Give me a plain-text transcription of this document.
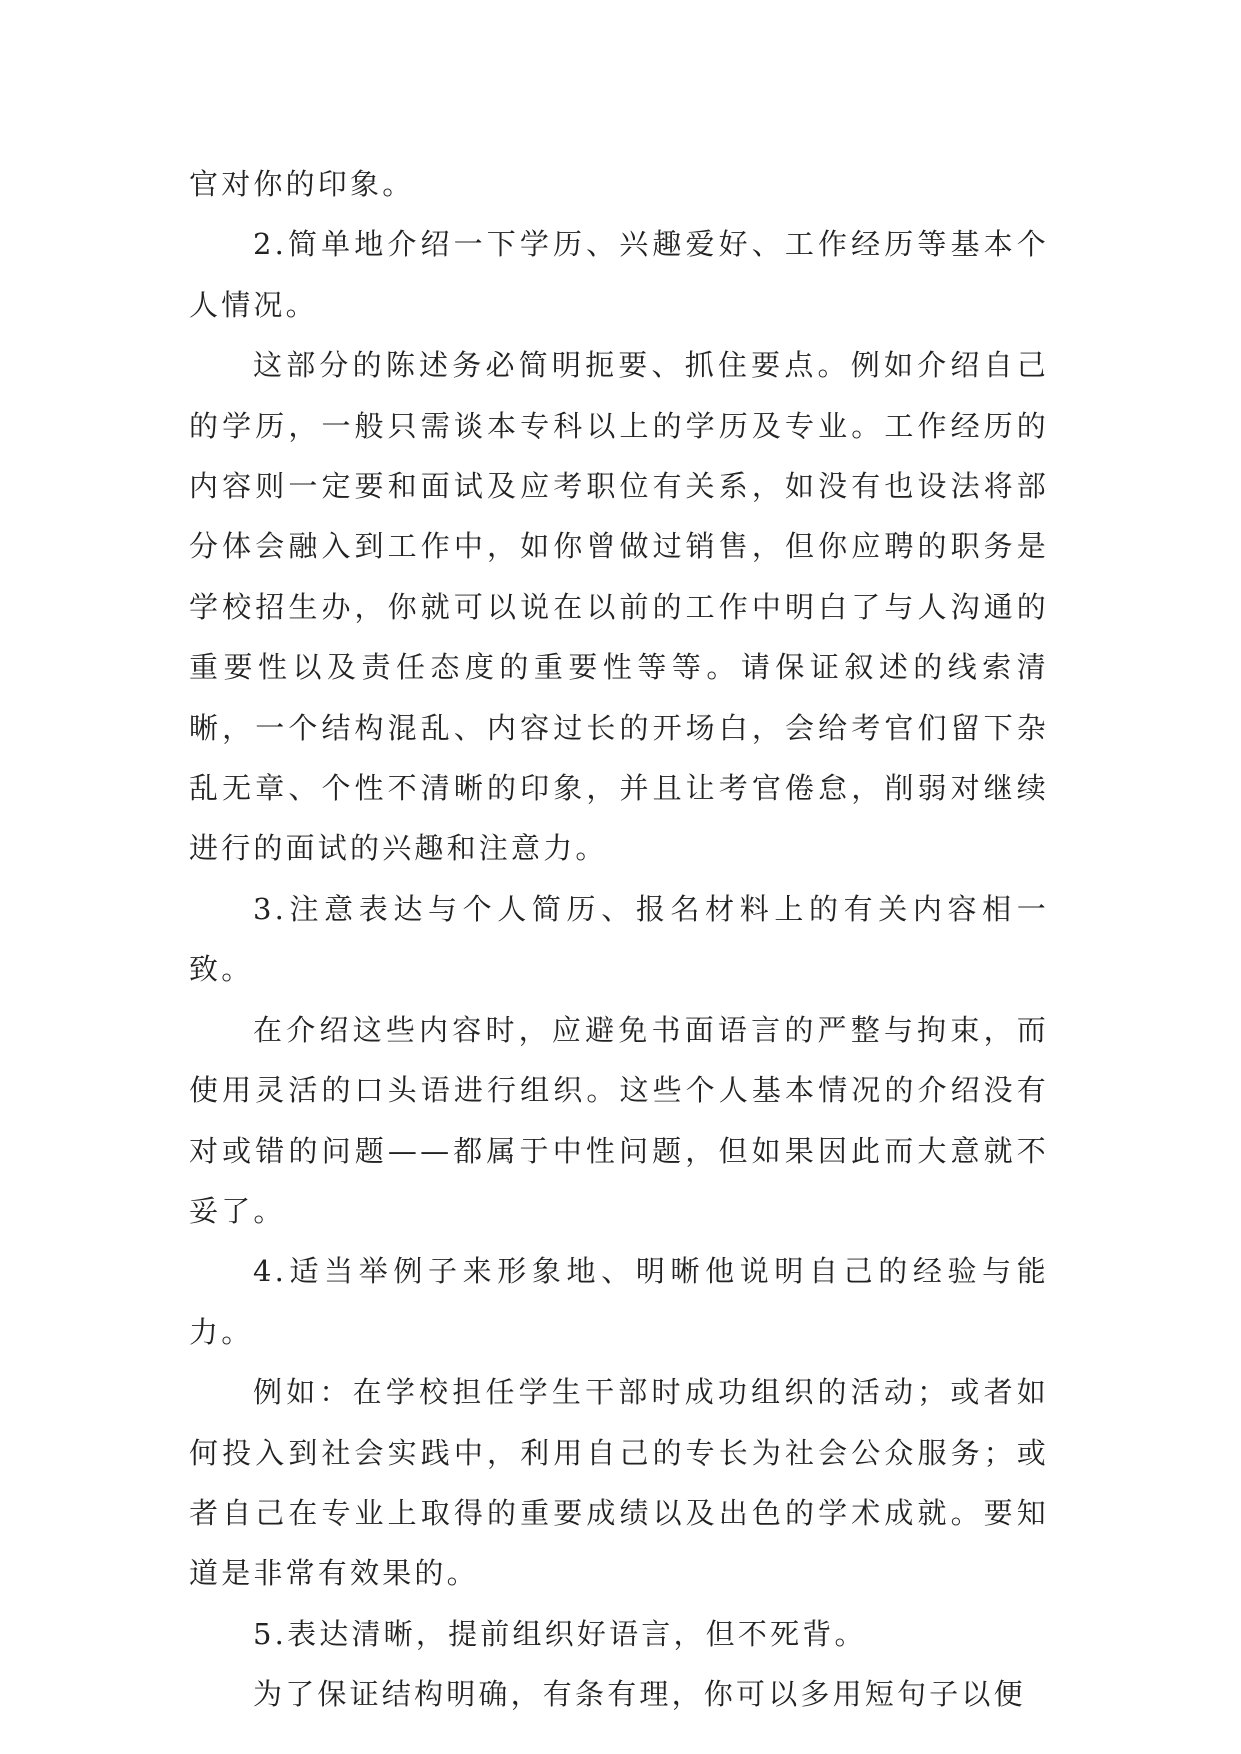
官对你的印象。

2.简单地介绍一下学历、兴趣爱好、工作经历等基本个人情况。

这部分的陈述务必简明扼要、抓住要点。例如介绍自己的学历，一般只需谈本专科以上的学历及专业。工作经历的内容则一定要和面试及应考职位有关系，如没有也设法将部分体会融入到工作中，如你曾做过销售，但你应聘的职务是学校招生办，你就可以说在以前的工作中明白了与人沟通的重要性以及责任态度的重要性等等。请保证叙述的线索清晰，一个结构混乱、内容过长的开场白，会给考官们留下杂乱无章、个性不清晰的印象，并且让考官倦怠，削弱对继续进行的面试的兴趣和注意力。

3.注意表达与个人简历、报名材料上的有关内容相一致。

在介绍这些内容时，应避免书面语言的严整与拘束，而使用灵活的口头语进行组织。这些个人基本情况的介绍没有对或错的问题——都属于中性问题，但如果因此而大意就不妥了。

4.适当举例子来形象地、明晰他说明自己的经验与能力。

例如：在学校担任学生干部时成功组织的活动；或者如何投入到社会实践中，利用自己的专长为社会公众服务；或者自己在专业上取得的重要成绩以及出色的学术成就。要知道是非常有效果的。

5.表达清晰，提前组织好语言，但不死背。

为了保证结构明确，有条有理，你可以多用短句子以便
